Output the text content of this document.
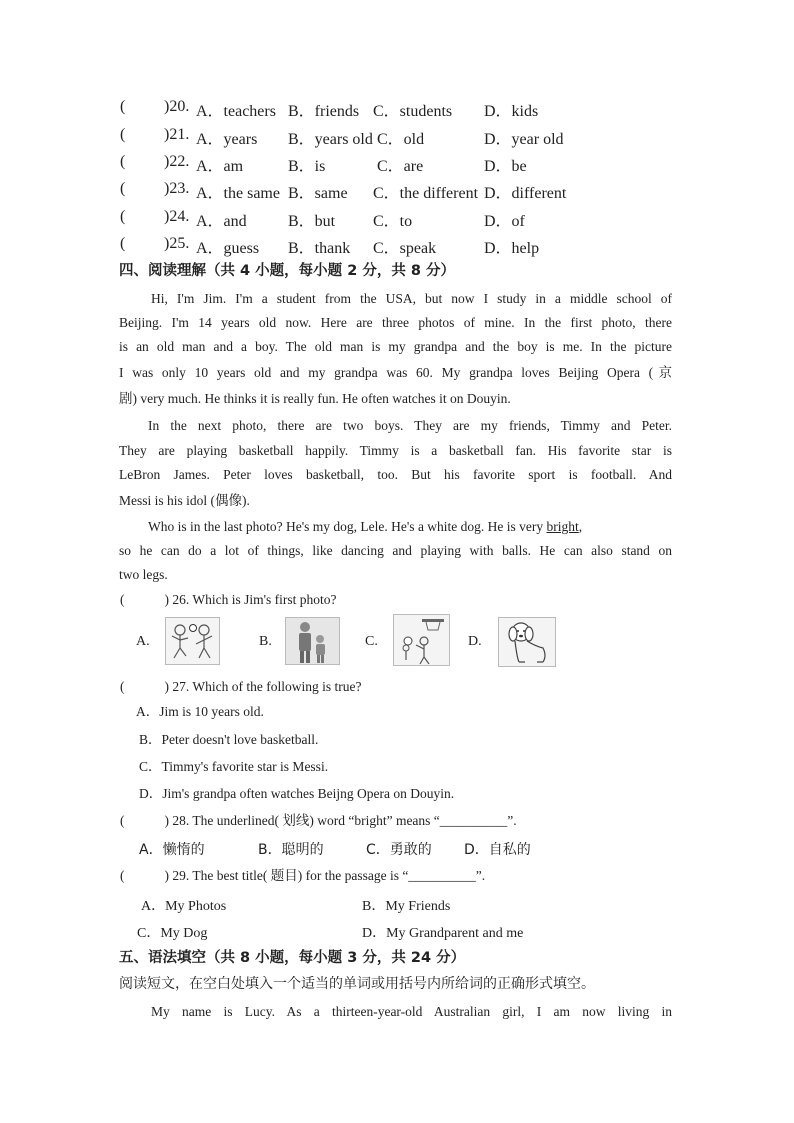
( )20. A．teachers B．friends C．students D．kids
( )21. A．years B．years old C．old	D．year old
( )22. A．am	B．is	C．are	D．be
( )23. A．the same B．same C．the different D．different
( )24. A．and	B．but C．to	D．of
( )25. A．guess B．thank C．speak	D．help
四、阅读理解（共 4 小题，每小题 2 分，共 8 分）
Hi, I'm Jim. I'm a student from the USA, but now I study in a middle school of
Beijing. I'm 14 years old now. Here are three photos of mine. In the first photo, there
is an old man and a boy. The old man is my grandpa and the boy is me. In the picture
I was only 10 years old and my grandpa was 60. My grandpa loves Beijing Opera (京
剧) very much. He thinks it is really fun. He often watches it on Douyin.
In the next photo, there are two boys. They are my friends, Timmy and Peter.
They are playing basketball happily. Timmy is a basketball fan. His favorite star is
LeBron James. Peter loves basketball, too. But his favorite sport is football. And
Messi is his idol (偶像).
Who is in the last photo? He's my dog, Lele. He's a white dog. He is very bright,
so he can do a lot of things, like dancing and playing with balls. He can also stand on
two legs.
(	) 26. Which is Jim's first photo?
A.	B.	C.	D.
(	) 27. Which of the following is true?
A．Jim is 10 years old.
B．Peter doesn't love basketball.
C．Timmy's favorite star is Messi.
D．Jim's grandpa often watches Beijng Opera on Douyin.
(	) 28. The underlined( 划线) word “bright” means “__________”.
A．懒惰的	B．聪明的	C．勇敢的 D．自私的
(	) 29. The best title( 题目) for the passage is “__________”.
A．My Photos	B．My Friends
C．My Dog	D．My Grandparent and me
五、语法填空（共 8 小题，每小题 3 分，共 24 分）
阅读短文，在空白处填入一个适当的单词或用括号内所给词的正确形式填空。
My name is Lucy. As a thirteen-year-old Australian girl, I am now living in
